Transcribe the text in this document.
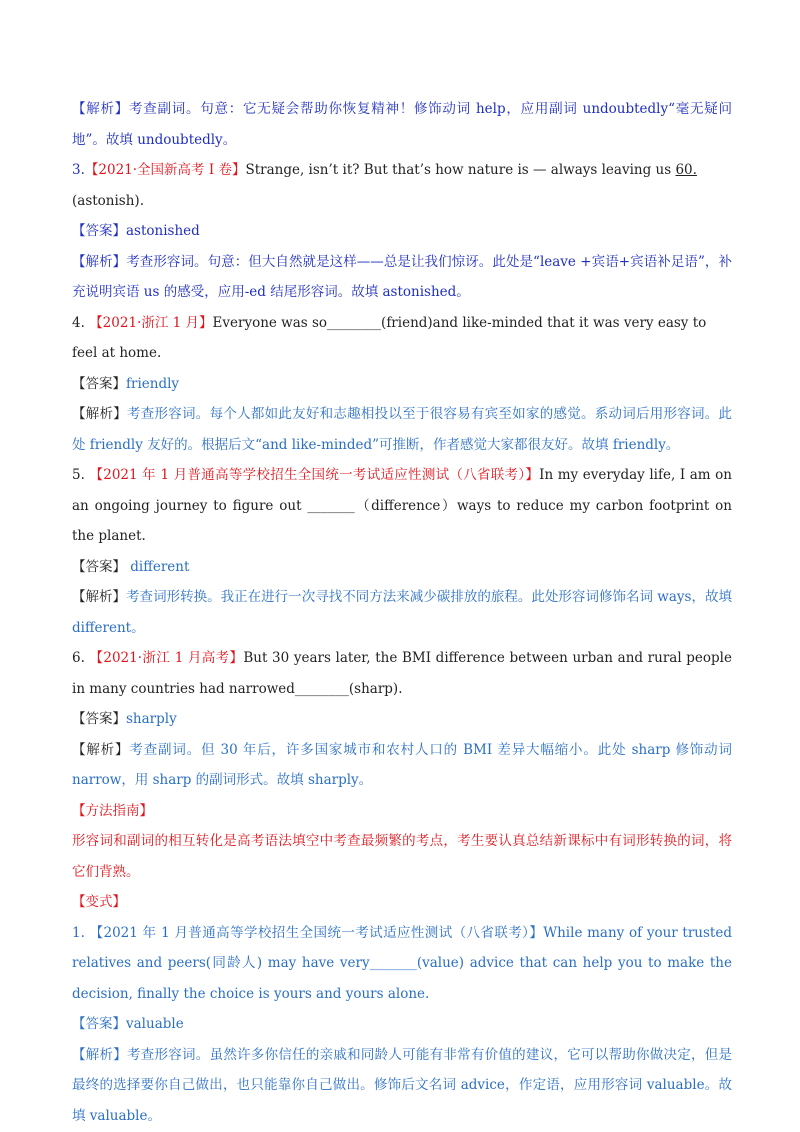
【解析】考查副词。句意：它无疑会帮助你恢复精神！修饰动词 help，应用副词 undoubtedly“毫无疑问地”。故填 undoubtedly。

3.【2021·全国新高考 I 卷】Strange, isn’t it? But that’s how nature is — always leaving us 60. (astonish).

【答案】astonished

【解析】考查形容词。句意：但大自然就是这样——总是让我们惊讶。此处是“leave +宾语+宾语补足语”，补充说明宾语 us 的感受，应用-ed 结尾形容词。故填 astonished。

4. 【2021·浙江 1 月】Everyone was so________(friend)and like-minded that it was very easy to feel at home.

【答案】friendly

【解析】考查形容词。每个人都如此友好和志趣相投以至于很容易有宾至如家的感觉。系动词后用形容词。此处 friendly 友好的。根据后文“and like-minded”可推断，作者感觉大家都很友好。故填 friendly。

5. 【2021 年 1 月普通高等学校招生全国统一考试适应性测试（八省联考）】In my everyday life, I am on an ongoing journey to figure out _______（difference）ways to reduce my carbon footprint on the planet.

【答案】 different

【解析】考查词形转换。我正在进行一次寻找不同方法来减少碳排放的旅程。此处形容词修饰名词 ways，故填 different。

6. 【2021·浙江 1 月高考】But 30 years later, the BMI difference between urban and rural people in many countries had narrowed________(sharp).

【答案】sharply

【解析】考查副词。但 30 年后，许多国家城市和农村人口的 BMI 差异大幅缩小。此处 sharp 修饰动词 narrow，用 sharp 的副词形式。故填 sharply。

【方法指南】

形容词和副词的相互转化是高考语法填空中考查最频繁的考点，考生要认真总结新课标中有词形转换的词，将它们背熟。

【变式】

1. 【2021 年 1 月普通高等学校招生全国统一考试适应性测试（八省联考）】While many of your trusted relatives and peers(同龄人) may have very_______(value) advice that can help you to make the decision, finally the choice is yours and yours alone.

【答案】valuable

【解析】考查形容词。虽然许多你信任的亲戚和同龄人可能有非常有价值的建议，它可以帮助你做决定，但是最终的选择要你自己做出，也只能靠你自己做出。修饰后文名词 advice，作定语，应用形容词 valuable。故填 valuable。
